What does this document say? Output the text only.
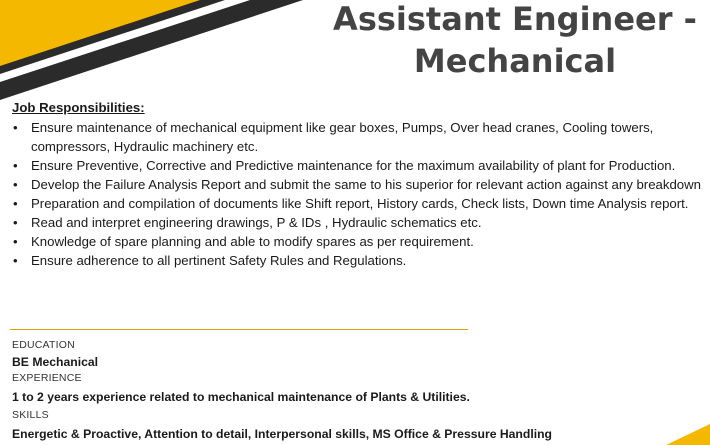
Assistant Engineer -
Mechanical
Job Responsibilities:
• Ensure maintenance of mechanical equipment like gear boxes, Pumps, Over head cranes, Cooling towers, compressors, Hydraulic machinery etc.
• Ensure Preventive, Corrective and Predictive maintenance for the maximum availability of plant for Production.
• Develop the Failure Analysis Report and submit the same to his superior for relevant action against any breakdown
• Preparation and compilation of documents like Shift report, History cards, Check lists, Down time Analysis report.
• Read and interpret engineering drawings, P & IDs , Hydraulic schematics etc.
• Knowledge of spare planning and able to modify spares as per requirement.
• Ensure adherence to all pertinent Safety Rules and Regulations.
EDUCATION
BE Mechanical
EXPERIENCE
1 to 2 years experience related to mechanical maintenance of Plants & Utilities.
SKILLS
Energetic & Proactive, Attention to detail, Interpersonal skills, MS Office & Pressure Handling
